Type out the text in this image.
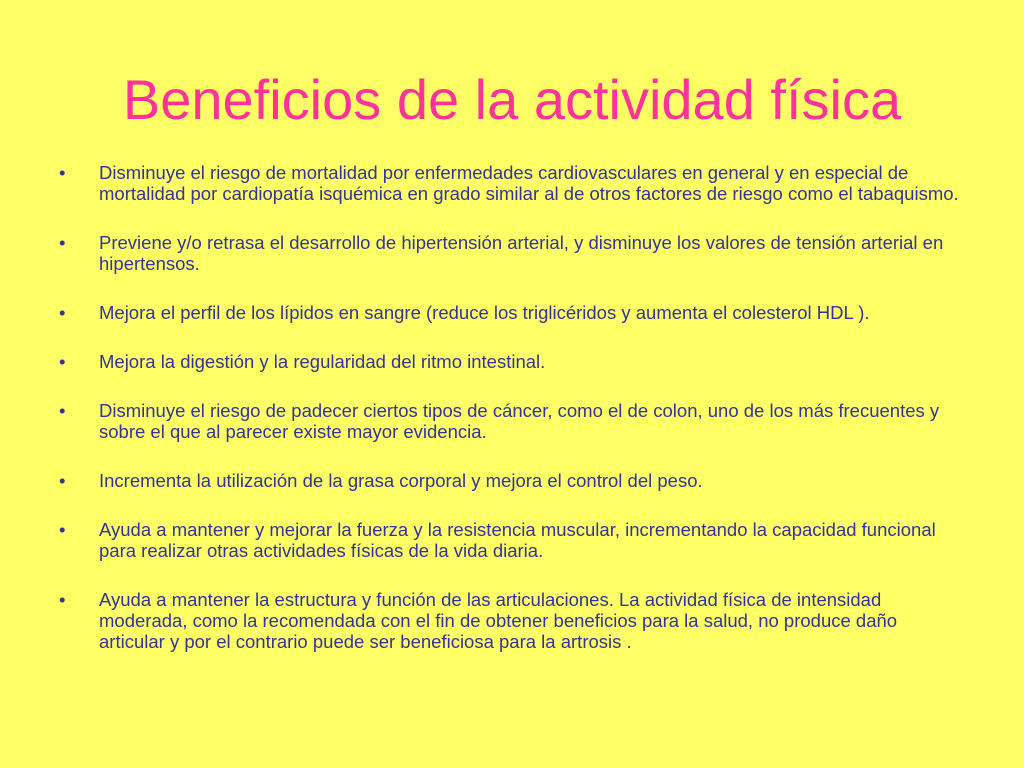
Beneficios de la actividad física
• Disminuye el riesgo de mortalidad por enfermedades cardiovasculares en general y en especial de mortalidad por cardiopatía isquémica en grado similar al de otros factores de riesgo como el tabaquismo.
• Previene y/o retrasa el desarrollo de hipertensión arterial, y disminuye los valores de tensión arterial en hipertensos.
• Mejora el perfil de los lípidos en sangre (reduce los triglicéridos y aumenta el colesterol HDL ).
• Mejora la digestión y la regularidad del ritmo intestinal.
• Disminuye el riesgo de padecer ciertos tipos de cáncer, como el de colon, uno de los más frecuentes y sobre el que al parecer existe mayor evidencia.
• Incrementa la utilización de la grasa corporal y mejora el control del peso.
• Ayuda a mantener y mejorar la fuerza y la resistencia muscular, incrementando la capacidad funcional para realizar otras actividades físicas de la vida diaria.
• Ayuda a mantener la estructura y función de las articulaciones. La actividad física de intensidad moderada, como la recomendada con el fin de obtener beneficios para la salud, no produce daño articular y por el contrario puede ser beneficiosa para la artrosis .
